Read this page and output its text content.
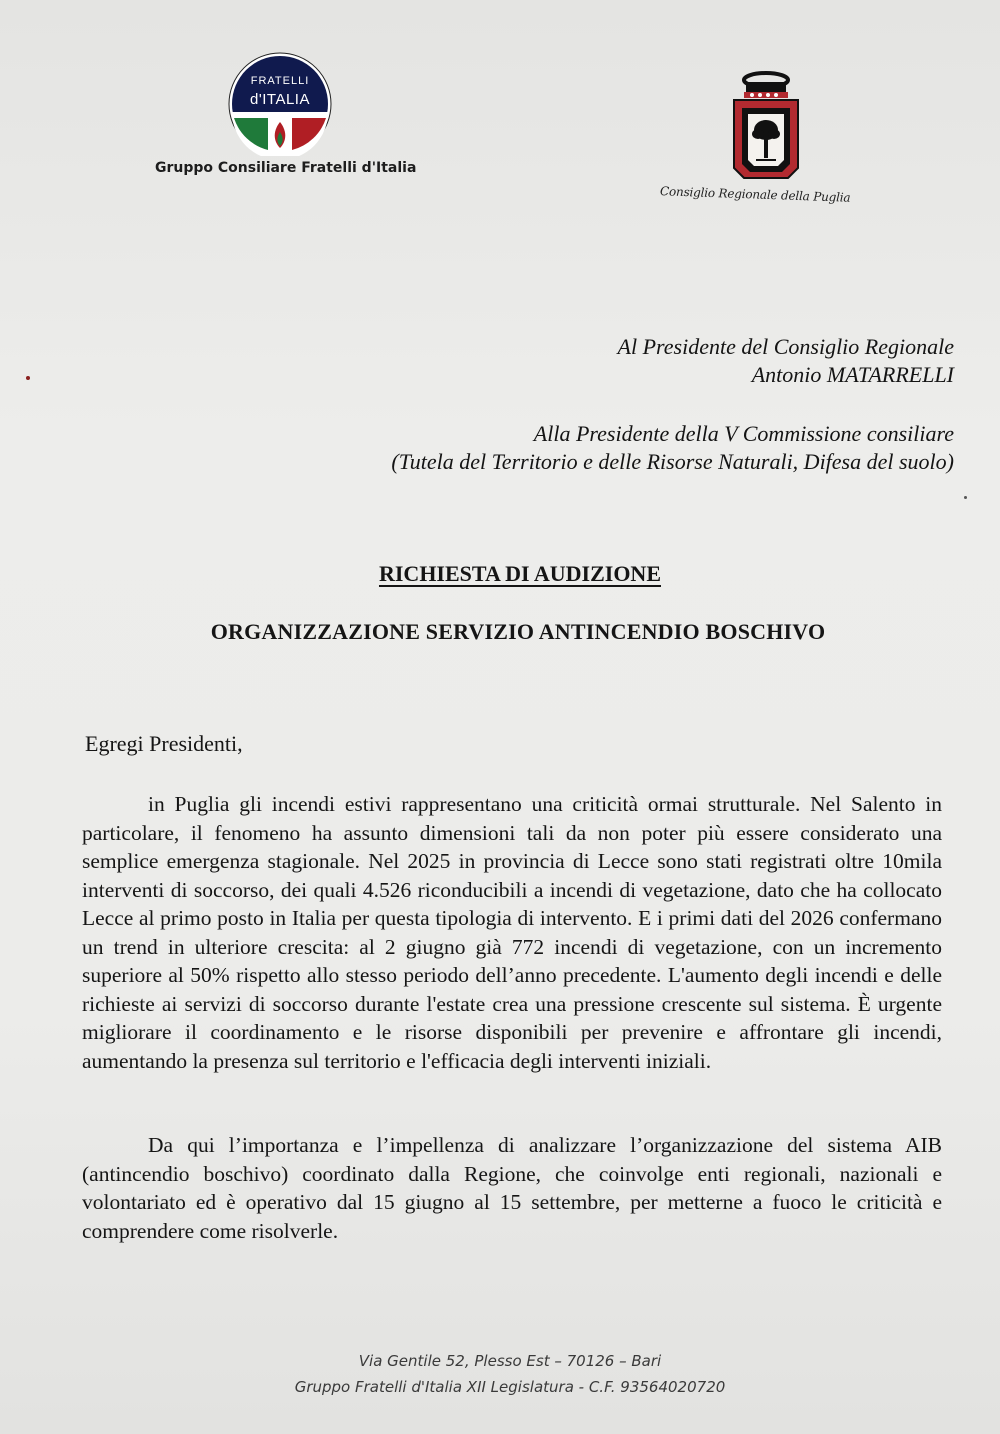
FRATELLI
d'ITALIA
Gruppo Consiliare Fratelli d'Italia
Consiglio Regionale della Puglia
Al Presidente del Consiglio Regionale
Antonio MATARRELLI
Alla Presidente della V Commissione consiliare
(Tutela del Territorio e delle Risorse Naturali, Difesa del suolo)
RICHIESTA DI AUDIZIONE
ORGANIZZAZIONE SERVIZIO ANTINCENDIO BOSCHIVO
Egregi Presidenti,
in Puglia gli incendi estivi rappresentano una criticità ormai strutturale. Nel Salento in particolare, il fenomeno ha assunto dimensioni tali da non poter più essere considerato una semplice emergenza stagionale. Nel 2025 in provincia di Lecce sono stati registrati oltre 10mila interventi di soccorso, dei quali 4.526 riconducibili a incendi di vegetazione, dato che ha collocato Lecce al primo posto in Italia per questa tipologia di intervento. E i primi dati del 2026 confermano un trend in ulteriore crescita: al 2 giugno già 772 incendi di vegetazione, con un incremento superiore al 50% rispetto allo stesso periodo dell’anno precedente. L'aumento degli incendi e delle richieste ai servizi di soccorso durante l'estate crea una pressione crescente sul sistema. È urgente migliorare il coordinamento e le risorse disponibili per prevenire e affrontare gli incendi, aumentando la presenza sul territorio e l'efficacia degli interventi iniziali.
Da qui l’importanza e l’impellenza di analizzare l’organizzazione del sistema AIB (antincendio boschivo) coordinato dalla Regione, che coinvolge enti regionali, nazionali e volontariato ed è operativo dal 15 giugno al 15 settembre, per metterne a fuoco le criticità e comprendere come risolverle.
Via Gentile 52, Plesso Est – 70126 – Bari
Gruppo Fratelli d'Italia XII Legislatura - C.F. 93564020720
